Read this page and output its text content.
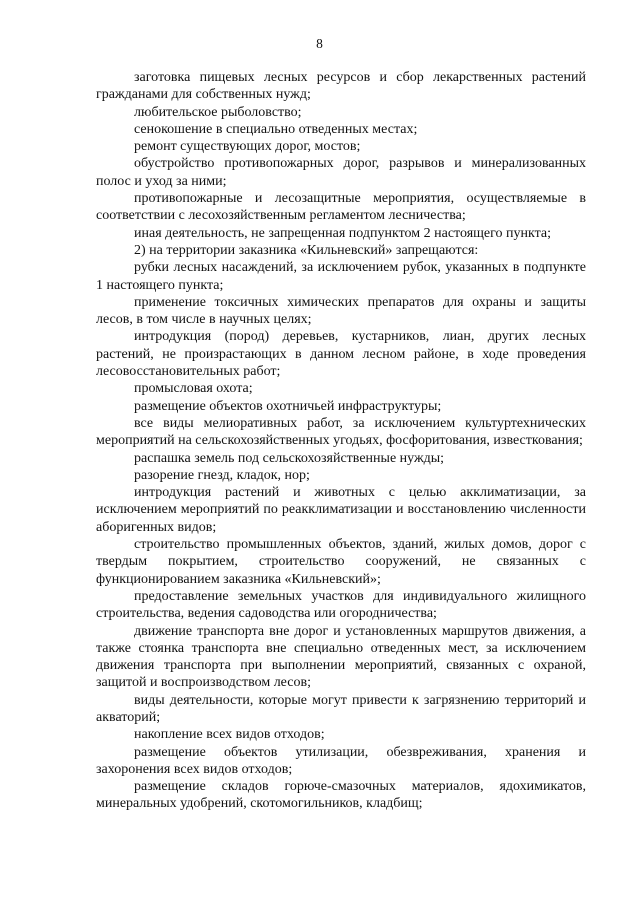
8

заготовка пищевых лесных ресурсов и сбор лекарственных растений гражданами для собственных нужд;

любительское рыболовство;

сенокошение в специально отведенных местах;

ремонт существующих дорог, мостов;

обустройство противопожарных дорог, разрывов и минерализованных полос и уход за ними;

противопожарные и лесозащитные мероприятия, осуществляемые в соответствии с лесохозяйственным регламентом лесничества;

иная деятельность, не запрещенная подпунктом 2 настоящего пункта;

2) на территории заказника «Кильневский» запрещаются:

рубки лесных насаждений, за исключением рубок, указанных в подпункте 1 настоящего пункта;

применение токсичных химических препаратов для охраны и защиты лесов, в том числе в научных целях;

интродукция (пород) деревьев, кустарников, лиан, других лесных растений, не произрастающих в данном лесном районе, в ходе проведения лесовосстановительных работ;

промысловая охота;

размещение объектов охотничьей инфраструктуры;

все виды мелиоративных работ, за исключением культуртехнических мероприятий на сельскохозяйственных угодьях, фосфоритования, известкования;

распашка земель под сельскохозяйственные нужды;

разорение гнезд, кладок, нор;

интродукция растений и животных с целью акклиматизации, за исключением мероприятий по реакклиматизации и восстановлению численности аборигенных видов;

строительство промышленных объектов, зданий, жилых домов, дорог с твердым покрытием, строительство сооружений, не связанных с функционированием заказника «Кильневский»;

предоставление земельных участков для индивидуального жилищного строительства, ведения садоводства или огородничества;

движение транспорта вне дорог и установленных маршрутов движения, а также стоянка транспорта вне специально отведенных мест, за исключением движения транспорта при выполнении мероприятий, связанных с охраной, защитой и воспроизводством лесов;

виды деятельности, которые могут привести к загрязнению территорий и акваторий;

накопление всех видов отходов;

размещение объектов утилизации, обезвреживания, хранения и захоронения всех видов отходов;

размещение складов горюче-смазочных материалов, ядохимикатов, минеральных удобрений, скотомогильников, кладбищ;
